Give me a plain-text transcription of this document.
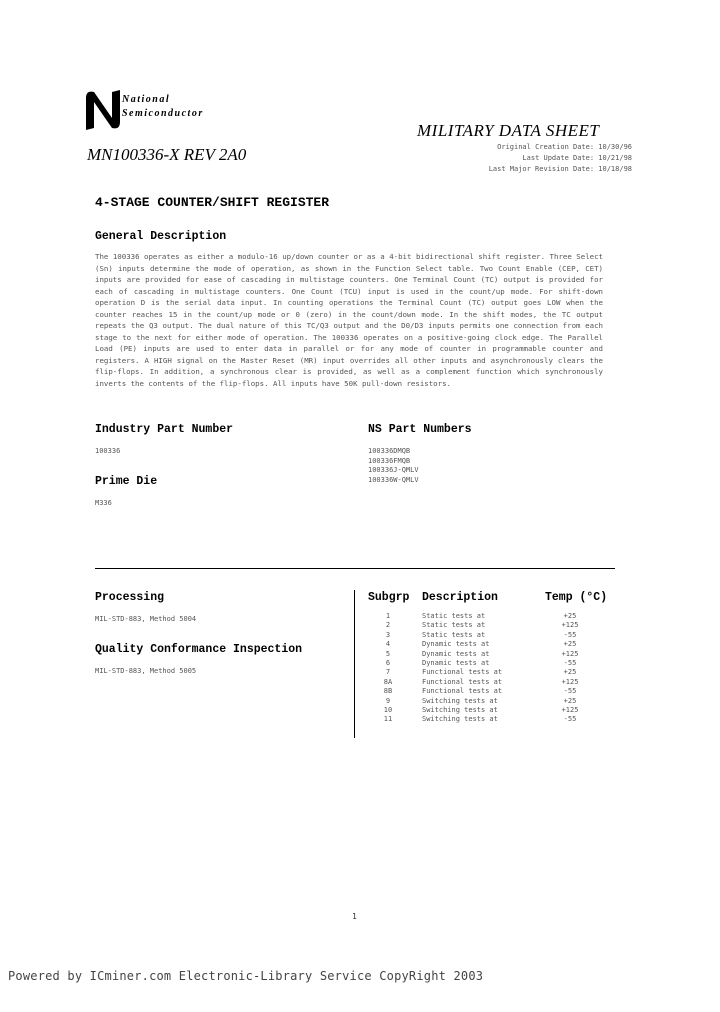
National
Semiconductor
MILITARY DATA SHEET
Original Creation Date: 10/30/96
Last Update Date: 10/21/98
Last Major Revision Date: 10/18/98
MN100336-X REV 2A0
4-STAGE COUNTER/SHIFT REGISTER
General Description
The 100336 operates as either a modulo-16 up/down counter or as a 4-bit bidirectional shift register. Three Select (Sn) inputs determine the mode of operation, as shown in the Function Select table. Two Count Enable (CEP, CET) inputs are provided for ease of cascading in multistage counters. One Terminal Count (TC) output is provided for each of cascading in multistage counters. One Count (TCU) input is used in the count/up mode. For shift-down operation D is the serial data input. In counting operations the Terminal Count (TC) output goes LOW when the counter reaches 15 in the count/up mode or 0 (zero) in the count/down mode. In the shift modes, the TC output repeats the Q3 output. The dual nature of this TC/Q3 output and the D0/D3 inputs permits one connection from each stage to the next for either mode of operation. The 100336 operates on a positive-going clock edge. The Parallel Load (PE) inputs are used to enter data in parallel or for any mode of counter in programmable counter and registers. A HIGH signal on the Master Reset (MR) input overrides all other inputs and asynchronously clears the flip-flops. In addition, a synchronous clear is provided, as well as a complement function which synchronously inverts the contents of the flip-flops. All inputs have 50K pull-down resistors.
Industry Part Number
100336
NS Part Numbers
100336DMQB
100336FMQB
100336J-QMLV
100336W-QMLV
Prime Die
M336
Processing
MIL-STD-883, Method 5004
Quality Conformance Inspection
MIL-STD-883, Method 5005
Subgrp Description	Temp (°C)
1	Static tests at	+25
2	Static tests at	+125
3	Static tests at	-55
4	Dynamic tests at	+25
5	Dynamic tests at	+125
6	Dynamic tests at	-55
7	Functional tests at	+25
8A	Functional tests at	+125
8B	Functional tests at	-55
9	Switching tests at	+25
10	Switching tests at	+125
11	Switching tests at	-55
1
Powered by ICminer.com Electronic-Library Service CopyRight 2003
